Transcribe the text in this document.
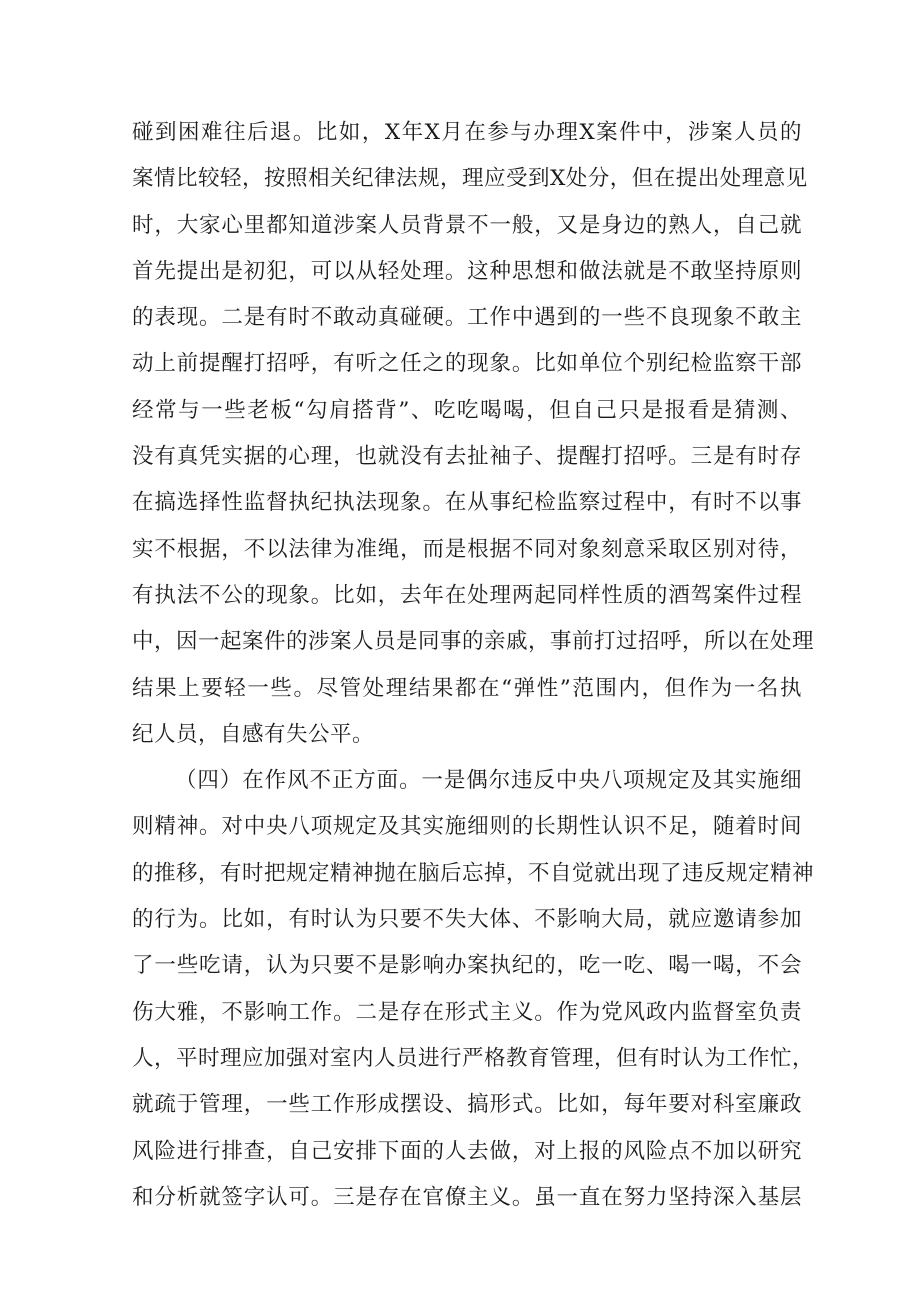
碰到困难往后退。比如，X年X月在参与办理X案件中，涉案人员的
案情比较轻，按照相关纪律法规，理应受到X处分，但在提出处理意见
时，大家心里都知道涉案人员背景不一般，又是身边的熟人，自己就
首先提出是初犯，可以从轻处理。这种思想和做法就是不敢坚持原则
的表现。二是有时不敢动真碰硬。工作中遇到的一些不良现象不敢主
动上前提醒打招呼，有听之任之的现象。比如单位个别纪检监察干部
经常与一些老板“勾肩搭背”、吃吃喝喝，但自己只是报看是猜测、
没有真凭实据的心理，也就没有去扯袖子、提醒打招呼。三是有时存
在搞选择性监督执纪执法现象。在从事纪检监察过程中，有时不以事
实不根据，不以法律为准绳，而是根据不同对象刻意采取区别对待，
有执法不公的现象。比如，去年在处理两起同样性质的酒驾案件过程
中，因一起案件的涉案人员是同事的亲戚，事前打过招呼，所以在处理
结果上要轻一些。尽管处理结果都在“弹性”范围内，但作为一名执
纪人员，自感有失公平。
（四）在作风不正方面。一是偶尔违反中央八项规定及其实施细
则精神。对中央八项规定及其实施细则的长期性认识不足，随着时间
的推移，有时把规定精神抛在脑后忘掉，不自觉就出现了违反规定精神
的行为。比如，有时认为只要不失大体、不影响大局，就应邀请参加
了一些吃请，认为只要不是影响办案执纪的，吃一吃、喝一喝，不会
伤大雅，不影响工作。二是存在形式主义。作为党风政内监督室负责
人，平时理应加强对室内人员进行严格教育管理，但有时认为工作忙，
就疏于管理，一些工作形成摆设、搞形式。比如，每年要对科室廉政
风险进行排查，自己安排下面的人去做，对上报的风险点不加以研究
和分析就签字认可。三是存在官僚主义。虽一直在努力坚持深入基层
